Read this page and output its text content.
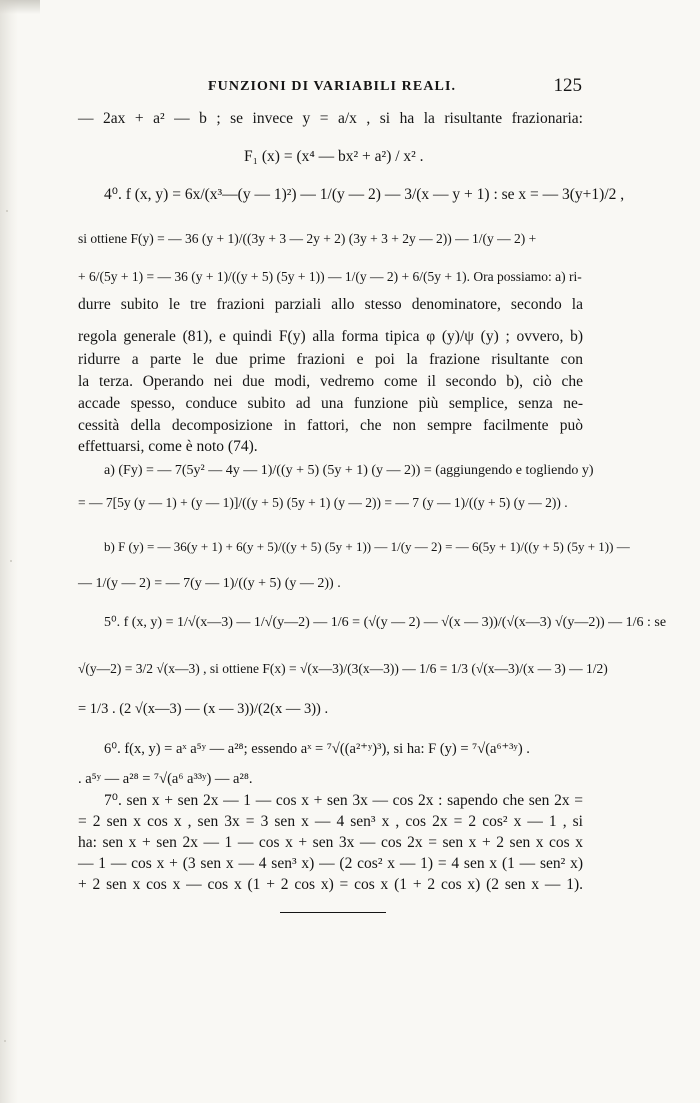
FUNZIONI DI VARIABILI REALI.	125
— 2ax + a² — b ; se invece y = a/x , si ha la risultante frazionaria:
F₁ (x) = (x⁴ — bx² + a²) / x² .
4⁰. f (x, y) = 6x/(x³—(y — 1)²) — 1/(y — 2) — 3/(x — y + 1) : se x = — 3(y+1)/2 ,
si ottiene F(y) = — 36 (y + 1)/((3y + 3 — 2y + 2) (3y + 3 + 2y — 2)) — 1/(y — 2) +
+ 6/(5y + 1) = — 36 (y + 1)/((y + 5) (5y + 1)) — 1/(y — 2) + 6/(5y + 1). Ora possiamo: a) ri-
durre subito le tre frazioni parziali allo stesso denominatore, secondo la
regola generale (81), e quindi F(y) alla forma tipica φ (y)/ψ (y) ; ovvero, b)
ridurre a parte le due prime frazioni e poi la frazione risultante con
la terza. Operando nei due modi, vedremo come il secondo b), ciò che
accade spesso, conduce subito ad una funzione più semplice, senza ne-
cessità della decomposizione in fattori, che non sempre facilmente può
effettuarsi, come è noto (74).
a) (Fy) = — 7(5y² — 4y — 1)/((y + 5) (5y + 1) (y — 2)) = (aggiungendo e togliendo y)
= — 7[5y (y — 1) + (y — 1)]/((y + 5) (5y + 1) (y — 2)) = — 7 (y — 1)/((y + 5) (y — 2)) .
b) F (y) = — 36(y + 1) + 6(y + 5)/((y + 5) (5y + 1)) — 1/(y — 2) = — 6(5y + 1)/((y + 5) (5y + 1)) —
— 1/(y — 2) = — 7(y — 1)/((y + 5) (y — 2)) .
5⁰. f (x, y) = 1/√(x—3) — 1/√(y—2) — 1/6 = (√(y — 2) — √(x — 3))/(√(x—3) √(y—2)) — 1/6 : se
√(y—2) = 3/2 √(x—3) , si ottiene F(x) = √(x—3)/(3(x—3)) — 1/6 = 1/3 (√(x—3)/(x — 3) — 1/2)
= 1/3 . (2 √(x—3) — (x — 3))/(2(x — 3)) .
6⁰. f(x, y) = aˣ a⁵ʸ — a²⁸; essendo aˣ = ⁷√((a²⁺ʸ)³), si ha: F (y) = ⁷√(a⁶⁺³ʸ) .
. a⁵ʸ — a²⁸ = ⁷√(a⁶ a³³ʸ) — a²⁸.
7⁰. sen x + sen 2x — 1 — cos x + sen 3x — cos 2x : sapendo che sen 2x =
= 2 sen x cos x , sen 3x = 3 sen x — 4 sen³ x , cos 2x = 2 cos² x — 1 , si
ha: sen x + sen 2x — 1 — cos x + sen 3x — cos 2x = sen x + 2 sen x cos x
— 1 — cos x + (3 sen x — 4 sen³ x) — (2 cos² x — 1) = 4 sen x (1 — sen² x)
+ 2 sen x cos x — cos x (1 + 2 cos x) = cos x (1 + 2 cos x) (2 sen x — 1).
